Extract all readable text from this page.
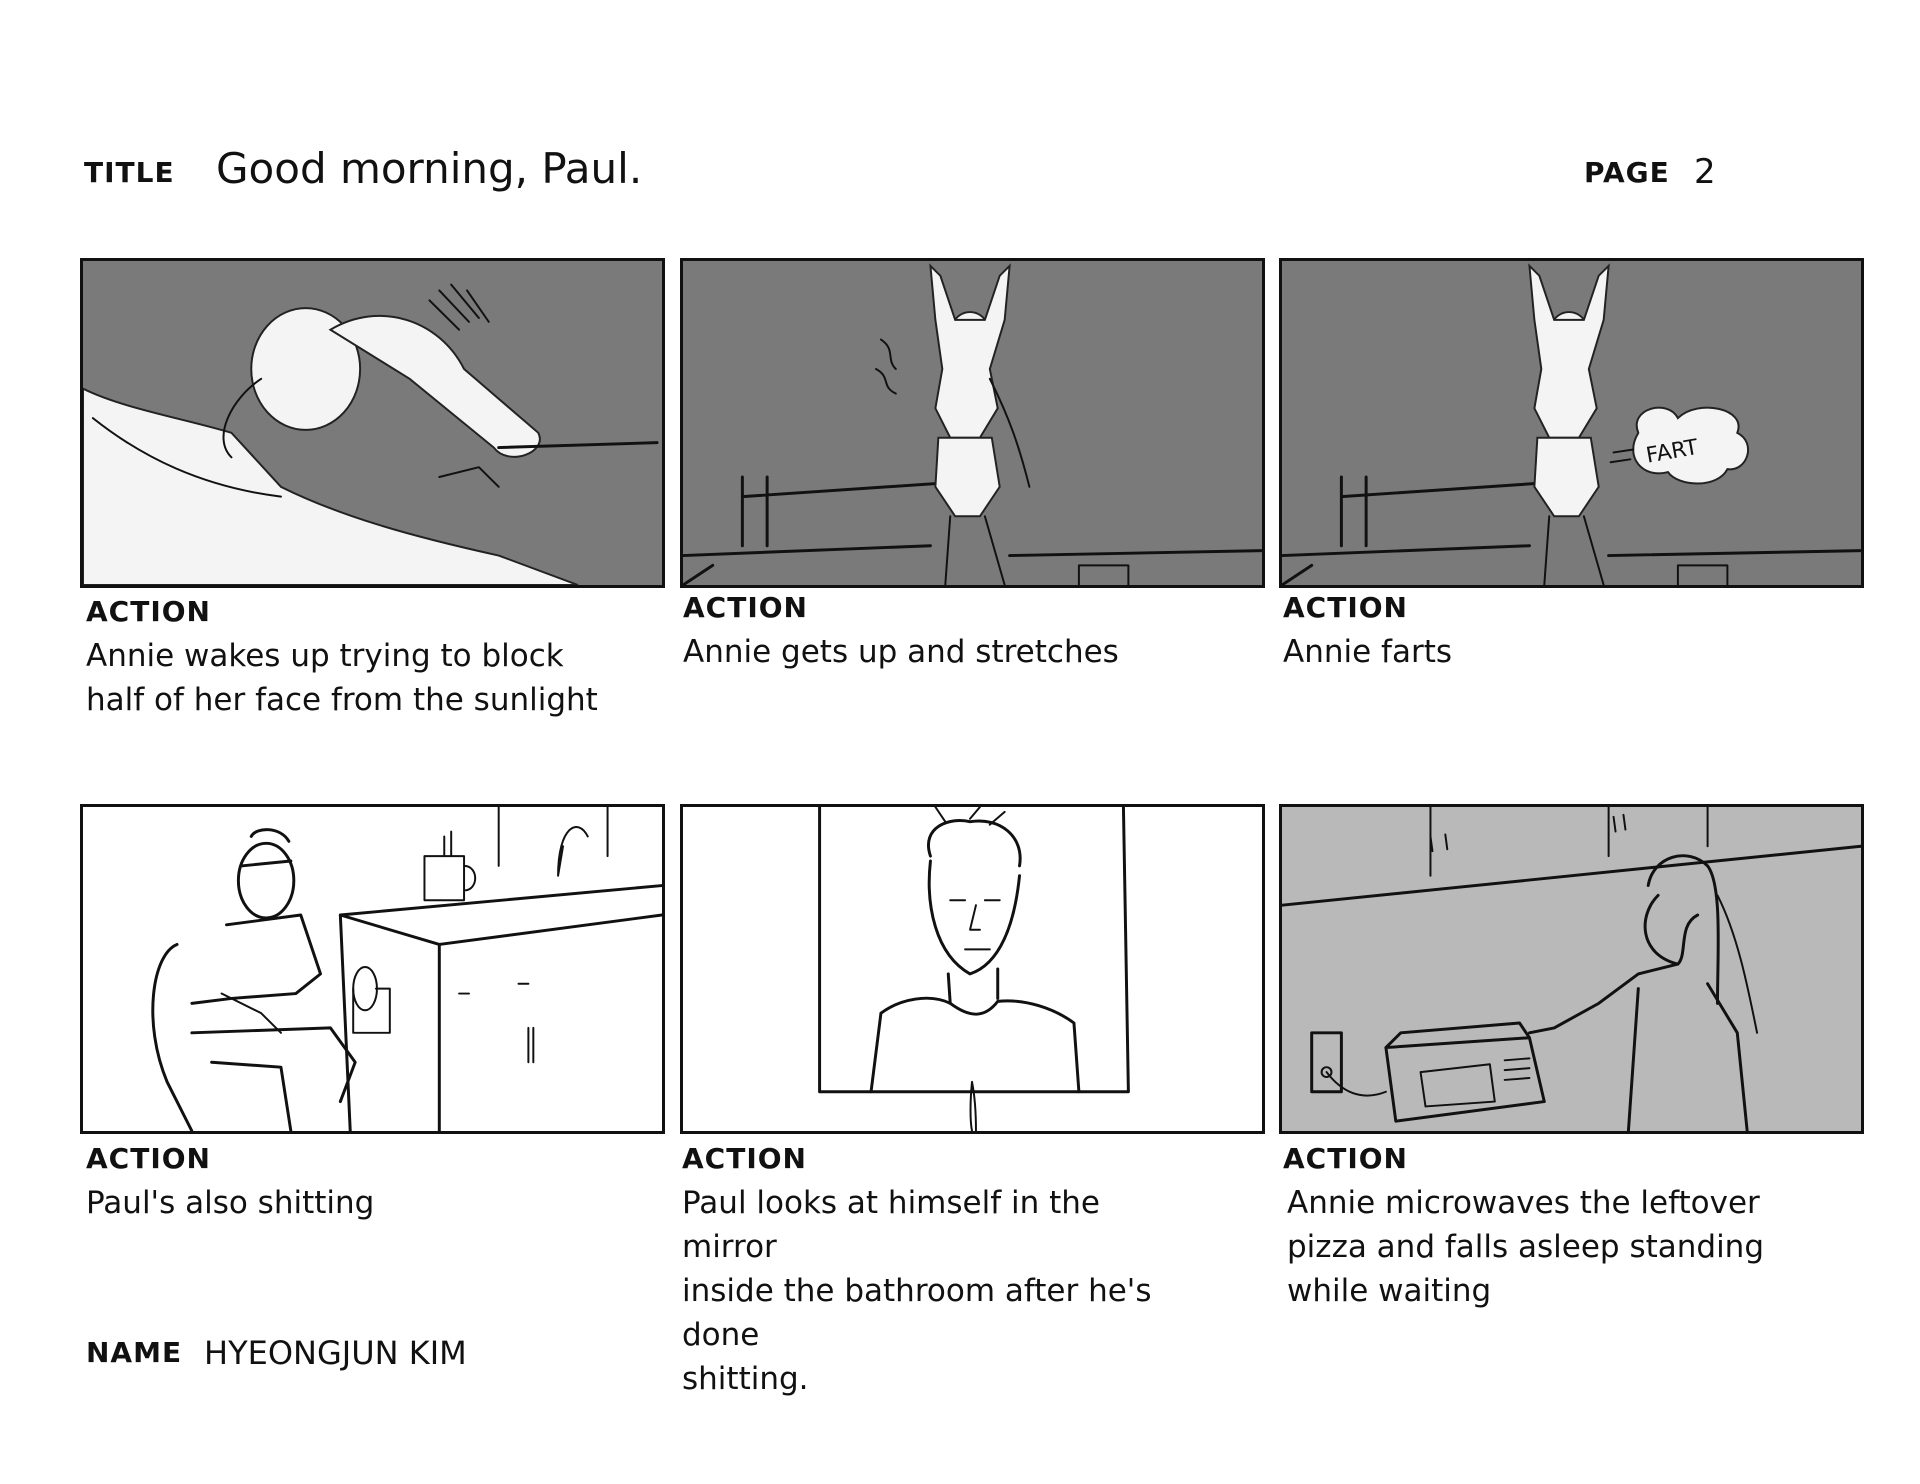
TITLE Good morning, Paul.	PAGE 2
ACTION
Annie wakes up trying to block
half of her face from the sunlight
ACTION
Annie gets up and stretches
FART
ACTION
Annie farts
ACTION
Paul's also shitting
ACTION
Paul looks at himself in the mirror
inside the bathroom after he's done
shitting.
ACTION
Annie microwaves the leftover
pizza and falls asleep standing
while waiting
NAME HYEONGJUN KIM
